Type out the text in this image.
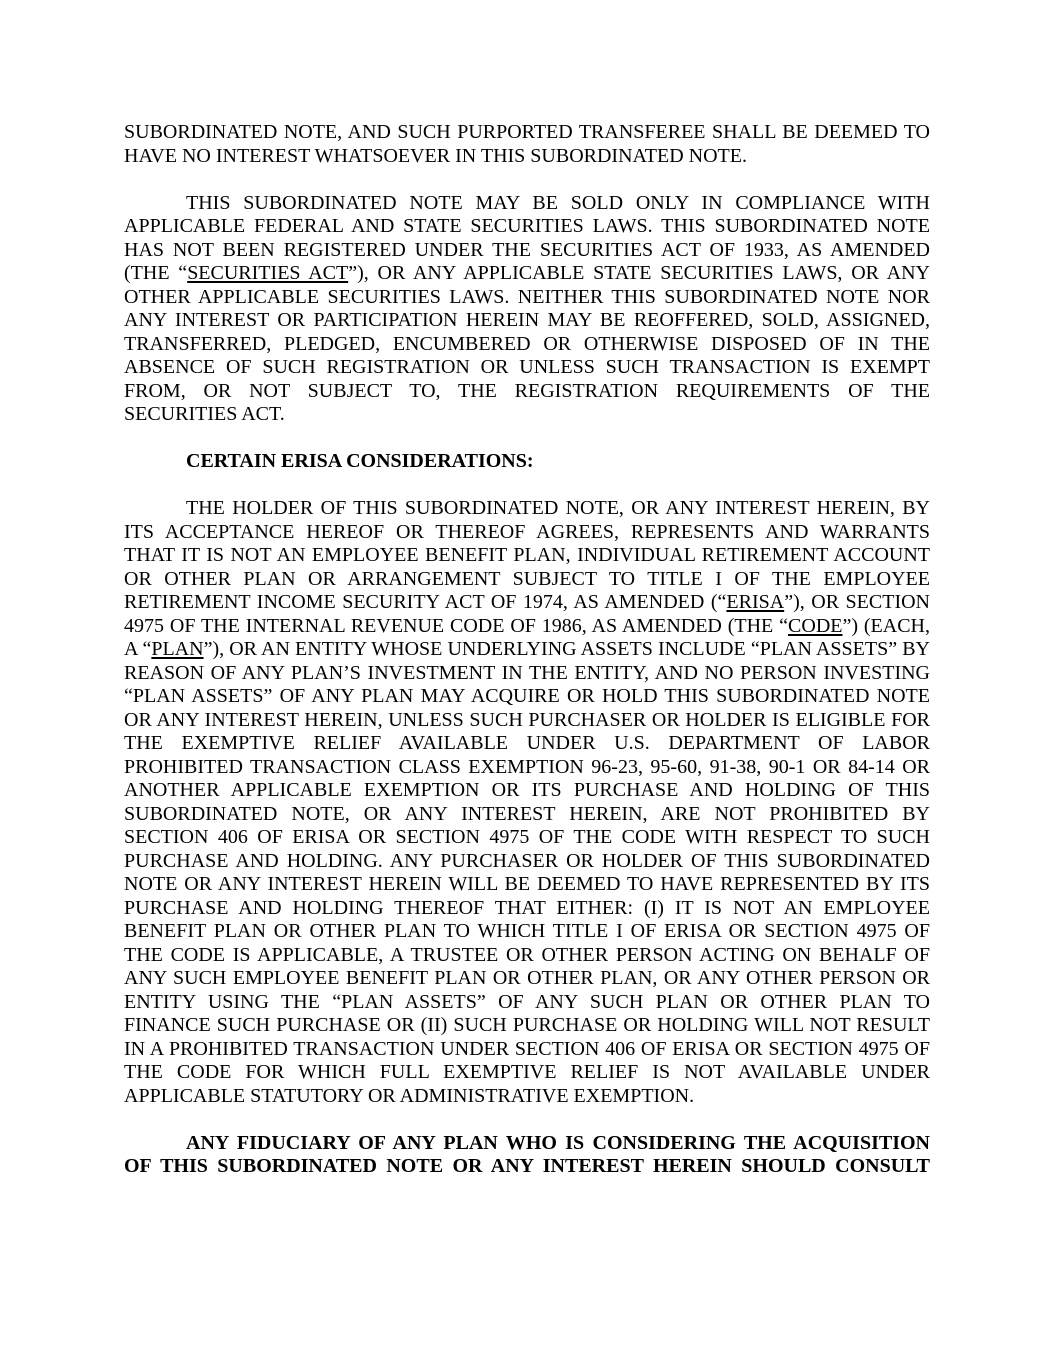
SUBORDINATED NOTE, AND SUCH PURPORTED TRANSFEREE SHALL BE DEEMED TO HAVE NO INTEREST WHATSOEVER IN THIS SUBORDINATED NOTE.
THIS SUBORDINATED NOTE MAY BE SOLD ONLY IN COMPLIANCE WITH APPLICABLE FEDERAL AND STATE SECURITIES LAWS. THIS SUBORDINATED NOTE HAS NOT BEEN REGISTERED UNDER THE SECURITIES ACT OF 1933, AS AMENDED (THE “SECURITIES ACT”), OR ANY APPLICABLE STATE SECURITIES LAWS, OR ANY OTHER APPLICABLE SECURITIES LAWS. NEITHER THIS SUBORDINATED NOTE NOR ANY INTEREST OR PARTICIPATION HEREIN MAY BE REOFFERED, SOLD, ASSIGNED, TRANSFERRED, PLEDGED, ENCUMBERED OR OTHERWISE DISPOSED OF IN THE ABSENCE OF SUCH REGISTRATION OR UNLESS SUCH TRANSACTION IS EXEMPT FROM, OR NOT SUBJECT TO, THE REGISTRATION REQUIREMENTS OF THE SECURITIES ACT.
CERTAIN ERISA CONSIDERATIONS:
THE HOLDER OF THIS SUBORDINATED NOTE, OR ANY INTEREST HEREIN, BY ITS ACCEPTANCE HEREOF OR THEREOF AGREES, REPRESENTS AND WARRANTS THAT IT IS NOT AN EMPLOYEE BENEFIT PLAN, INDIVIDUAL RETIREMENT ACCOUNT OR OTHER PLAN OR ARRANGEMENT SUBJECT TO TITLE I OF THE EMPLOYEE RETIREMENT INCOME SECURITY ACT OF 1974, AS AMENDED (“ERISA”), OR SECTION 4975 OF THE INTERNAL REVENUE CODE OF 1986, AS AMENDED (THE “CODE”) (EACH, A “PLAN”), OR AN ENTITY WHOSE UNDERLYING ASSETS INCLUDE “PLAN ASSETS” BY REASON OF ANY PLAN’S INVESTMENT IN THE ENTITY, AND NO PERSON INVESTING “PLAN ASSETS” OF ANY PLAN MAY ACQUIRE OR HOLD THIS SUBORDINATED NOTE OR ANY INTEREST HEREIN, UNLESS SUCH PURCHASER OR HOLDER IS ELIGIBLE FOR THE EXEMPTIVE RELIEF AVAILABLE UNDER U.S. DEPARTMENT OF LABOR PROHIBITED TRANSACTION CLASS EXEMPTION 96-23, 95-60, 91-38, 90-1 OR 84-14 OR ANOTHER APPLICABLE EXEMPTION OR ITS PURCHASE AND HOLDING OF THIS SUBORDINATED NOTE, OR ANY INTEREST HEREIN, ARE NOT PROHIBITED BY SECTION 406 OF ERISA OR SECTION 4975 OF THE CODE WITH RESPECT TO SUCH PURCHASE AND HOLDING. ANY PURCHASER OR HOLDER OF THIS SUBORDINATED NOTE OR ANY INTEREST HEREIN WILL BE DEEMED TO HAVE REPRESENTED BY ITS PURCHASE AND HOLDING THEREOF THAT EITHER: (I) IT IS NOT AN EMPLOYEE BENEFIT PLAN OR OTHER PLAN TO WHICH TITLE I OF ERISA OR SECTION 4975 OF THE CODE IS APPLICABLE, A TRUSTEE OR OTHER PERSON ACTING ON BEHALF OF ANY SUCH EMPLOYEE BENEFIT PLAN OR OTHER PLAN, OR ANY OTHER PERSON OR ENTITY USING THE “PLAN ASSETS” OF ANY SUCH PLAN OR OTHER PLAN TO FINANCE SUCH PURCHASE OR (II) SUCH PURCHASE OR HOLDING WILL NOT RESULT IN A PROHIBITED TRANSACTION UNDER SECTION 406 OF ERISA OR SECTION 4975 OF THE CODE FOR WHICH FULL EXEMPTIVE RELIEF IS NOT AVAILABLE UNDER APPLICABLE STATUTORY OR ADMINISTRATIVE EXEMPTION.
ANY FIDUCIARY OF ANY PLAN WHO IS CONSIDERING THE ACQUISITION OF THIS SUBORDINATED NOTE OR ANY INTEREST HEREIN SHOULD CONSULT
